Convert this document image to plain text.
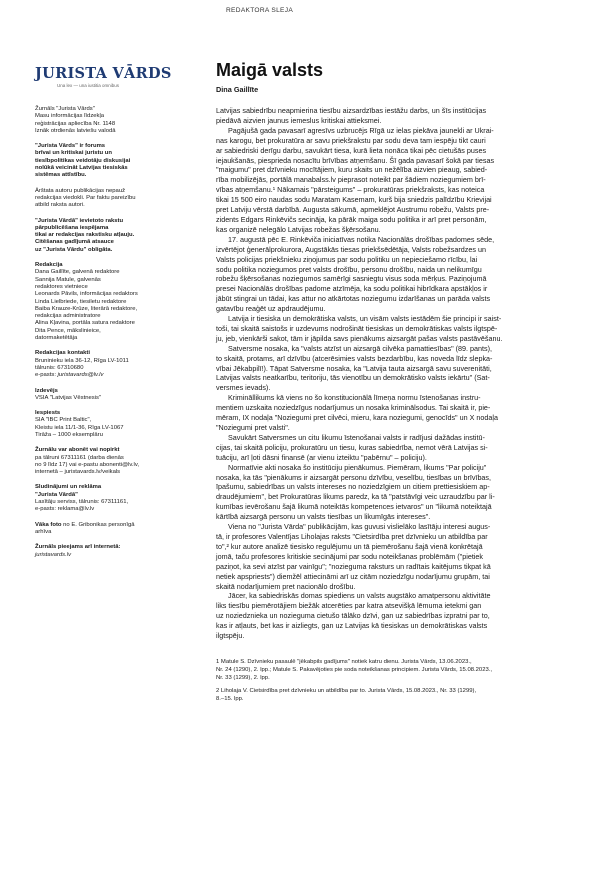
REDAKTORA SLEJA
JURISTA VĀRDS
Una lex — una iustitia omnibus
Žurnāls "Jurista Vārds"
Masu informācijas līdzekļa
reģistrācijas apliecība Nr. 1148
Iznāk otrdienās latviešu valodā
"Jurista Vārds" ir forums
brīvai un kritiskai juristu un
tiesībpolitikas veidotāju diskusijai
nolūkā veicināt Latvijas tiesiskās
sistēmas attīstību.
Ārštata autoru publikācijas nepauž
redakcijas viedokli. Par faktu pareizību
atbild raksta autori.
"Jurista Vārdā" ievietoto rakstu
pārpublicēšana iespējama
tikai ar redakcijas rakstisku atļauju.
Citēšanas gadījumā atsauce
uz "Jurista Vārdu" obligāta.
Redakcija
Dana Gaillīte, galvenā redaktore
Sannija Matule, galvenās
redaktores vietniece
Leonards Pāvils, informācijas redaktors
Linda Lielbriede, tiesiletu redaktore
Baiba Krauze-Krūze, literārā redaktore,
redakcijas administratore
Alina Kļavina, portāla satura redaktore
Dita Pence, mākslinieice,
datormaketētāja
Redakcijas kontakti
Bruninieku iela 36-12, Rīga LV-1011
tālrunis: 67310680
e-pasts: juristavards@lv.lv
Izdevējs
VSIA "Latvijas Vēstnesis"
Iespiests
SIA "IBC Print Baltic",
Kleistu iela 11/1-36, Rīga LV-1067
Tirāža – 1000 eksemplāru
Žurnālu var abonēt vai nopirkt
pa tālruni 67311161 (darba dienās
no 9 līdz 17) vai e-pastu abonenti@lv.lv,
internetā – juristavards.lv/veikals
Sludinājumi un reklāma
"Jurista Vārdā"
Lasītāju serviss, tālrunis: 67311161,
e-pasts: reklama@lv.lv
Vāka foto no E. Gribonikas personīgā
arhīva
Žurnāls pieejams arī internetā:
juristavards.lv
Maigā valsts
Dina Gaillīte

Latvijas sabiedrību neapmierina tiesību aizsardzības iestāžu darbs, un šīs institūcijas
piedāvā aizvien jaunus iemeslus kritiskai attieksmei.

Pagājušā gada pavasarī agresīvs uzbrucējs Rīgā uz ielas piekāva jaunekli ar Ukrai-
nas karogu, bet prokuratūra ar savu priekšrakstu par sodu deva tam iespēju tikt cauri
ar sabiedriski derīgu darbu, savukārt tiesa, kurā lieta nonāca tikai pēc cietušās puses
iejaukšanās, piesprieda nosacītu brīvības atņemšanu. Šī gada pavasarī šokā par tiesas
"maigumu" pret dzīvnieku mocītājiem, kuru skaits un nežēlība aizvien pieaug, sabied-
rība mobilizējās, portālā manabalss.lv pieprasot noteikt par šādiem noziegumiem brī-
vības atņemšanu.¹ Nākamais "pārsteigums" – prokuratūras priekšraksts, kas noteica
tikai 15 500 eiro naudas sodu Maratam Kasemam, kurš bija sniedzis palīdzību Krievijai
pret Latviju vērstā darbībā. Augusta sākumā, apmeklējot Austrumu robežu, Valsts pre-
zidents Edgars Rinkēvičs secināja, ka pārāk maiga sodu politika ir arī pret personām,
kas organizē nelegālo Latvijas robežas šķērsošanu.

17. augustā pēc E. Rinkēviča iniciatīvas notika Nacionālās drošības padomes sēde,
izvērtējot ģenerālprokurora, Augstākās tiesas priekšsēdētāja, Valsts robežsardzes un
Valsts policijas priekšnieku ziņojumus par sodu politiku un nepieciešamo rīcību, lai
sodu politika noziegumos pret valsts drošību, personu drošību, naida un nelikumīgu
robežu šķērsošanas noziegumos samērīgi sasniegtu visus soda mērķus. Paziņojumā
presei Nacionālās drošības padome atzīmēja, ka sodu politikai hibrīdkara apstākļos ir
jābūt stingrai un tādai, kas attur no atkārtotas noziegumu izdarīšanas un parāda valsts
gatavību reaģēt uz apdraudējumu.

Latvija ir tiesiska un demokrātiska valsts, un visām valsts iestādēm šie principi ir saist-
toši, tai skaitā saistošs ir uzdevums nodrošināt tiesiskas un demokrātiskas valsts ilgtspē-
ju, jeb, vienkārši sakot, tām ir jāpilda savs pienākums aizsargāt pašas valsts pastāvēšanu.

Satversme nosaka, ka "valsts atzīst un aizsargā cilvēka pamattiesības" (89. pants),
to skaitā, protams, arī dzīvību (atcerēsimies valsts bezdarbību, kas noveda līdz slepka-
vībai Jēkabpilī!). Tāpat Satversme nosaka, ka "Latvija tauta aizsargā savu suverenitāti,
Latvijas valsts neatkarību, teritoriju, tās vienotību un demokrātisko valsts iekārtu" (Sat-
versmes ievads).

Krimināllikums kā viens no šo konstitucionālā līmeņa normu īstenošanas instru-
mentiem uzskaita noziedzīgus nodarījumus un nosaka kriminālsodus. Tai skaitā ir, pie-
mēram, IX nodaļa "Noziegumi pret cilvēci, mieru, kara noziegumi, genocīds" un X nodaļa
"Noziegumi pret valsti".

Savukārt Satversmes un citu likumu īstenošanai valsts ir radījusi dažādas institū-
cijas, tai skaitā policiju, prokuratūru un tiesu, kuras sabiedrība, nemot vērā Latvijas si-
tuāciju, arī ļoti dāsni finansē (ar vienu izteiktu "pabērnu" – policiju).

Normatīvie akti nosaka šo institūciju pienākumus. Piemēram, likums "Par policiju"
nosaka, ka tās "pienākums ir aizsargāt personu dzīvību, veselību, tiesības un brīvības,
īpašumu, sabiedrības un valsts intereses no noziedzīgiem un citiem prettiesiskiem ap-
draudējumiem", bet Prokuratūras likums paredz, ka tā "patstāvīgi veic uzraudzību par li-
kumības ievērošanu šajā likumā noteiktās kompetences ietvaros" un "likumā noteiktajā
kārtībā aizsargā personu un valsts tiesības un likumīgās intereses".

Viena no "Jurista Vārda" publikācijām, kas guvusi vislielāko lasītāju interesi augus-
tā, ir profesores Valentījas Liholajas raksts "Cietsirdība pret dzīvnieku un atbildība par
to",² kur autore analizē tiesisko regulējumu un tā piemērošanu šajā vienā konkrētajā
jomā, taču profesores kritiskie secinājumi par sodu noteikšanas problēmām ("pietiek
paziņot, ka sevi atzīst par vainīgu"; "nozieguma raksturs un radītais kaitējums tikpat kā
netiek apspriests") diemžēl attiecināmi arī uz citām noziedzīgu nodarījumu grupām, tai
skaitā nodarījumiem pret nacionālo drošību.

Jācer, ka sabiedriskās domas spiediens un valsts augstāko amatpersonu aktivitāte
liks tiesību piemērotājiem biežāk atcerēties par katra atsevišķā lēmuma ietekmi gan
uz noziedznieka un nozieguma cietušo tālāko dzīvi, gan uz sabiedrības izpratni par to,
kas ir atļauts, bet kas ir aizliegts, gan uz Latvijas kā tiesiskas un demokrātiskas valsts
ilgtspēju.

1 Matule S. Dzīvnieku pasaulē "jēkabpils gadījums" notiek katru dienu. Jurista Vārds, 13.06.2023.,
Nr. 24 (1290), 2. lpp.; Matule S. Pakavējoties pie soda noteikšanas principiem. Jurista Vārds, 15.08.2023.,
Nr. 33 (1299), 2. lpp.
2 Liholaja V. Cietsirdība pret dzīvnieku un atbildība par to. Jurista Vārds, 15.08.2023., Nr. 33 (1299),
8.–15. lpp.
